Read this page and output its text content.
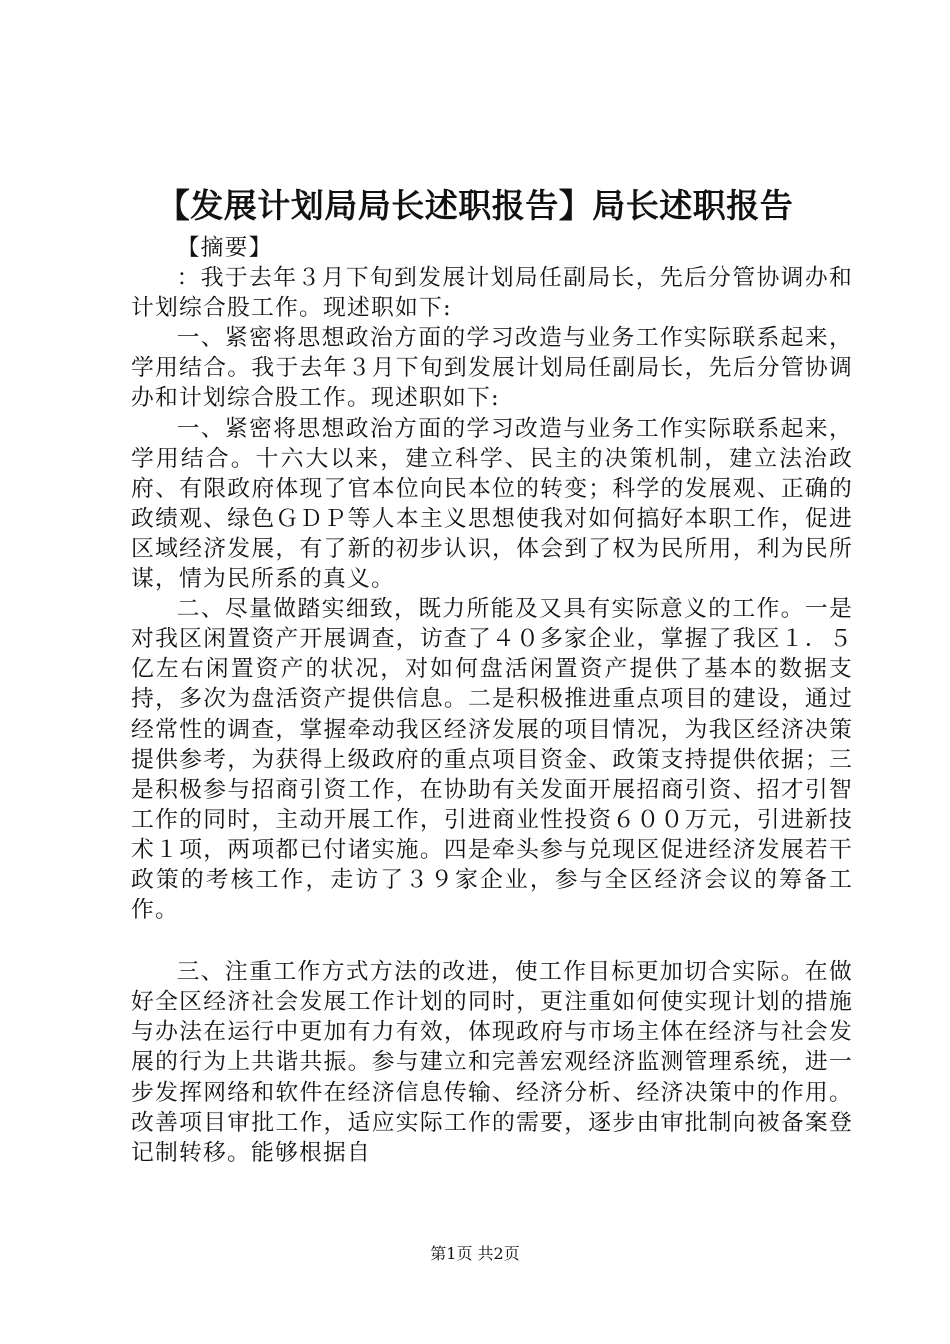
【发展计划局局长述职报告】局长述职报告

【摘要】

：我于去年３月下旬到发展计划局任副局长，先后分管协调办和计划综合股工作。现述职如下:

一、紧密将思想政治方面的学习改造与业务工作实际联系起来，学用结合。我于去年３月下旬到发展计划局任副局长，先后分管协调办和计划综合股工作。现述职如下:

一、紧密将思想政治方面的学习改造与业务工作实际联系起来，学用结合。十六大以来，建立科学、民主的决策机制，建立法治政府、有限政府体现了官本位向民本位的转变；科学的发展观、正确的政绩观、绿色ＧＤＰ等人本主义思想使我对如何搞好本职工作，促进区域经济发展，有了新的初步认识，体会到了权为民所用，利为民所谋，情为民所系的真义。

二、尽量做踏实细致，既力所能及又具有实际意义的工作。一是对我区闲置资产开展调查，访查了４０多家企业，掌握了我区１．５亿左右闲置资产的状况，对如何盘活闲置资产提供了基本的数据支持，多次为盘活资产提供信息。二是积极推进重点项目的建设，通过经常性的调查，掌握牵动我区经济发展的项目情况，为我区经济决策提供参考，为获得上级政府的重点项目资金、政策支持提供依据；三是积极参与招商引资工作，在协助有关发面开展招商引资、招才引智工作的同时，主动开展工作，引进商业性投资６００万元，引进新技术１项，两项都已付诸实施。四是牵头参与兑现区促进经济发展若干政策的考核工作，走访了３９家企业，参与全区经济会议的筹备工作。

三、注重工作方式方法的改进，使工作目标更加切合实际。在做好全区经济社会发展工作计划的同时，更注重如何使实现计划的措施与办法在运行中更加有力有效，体现政府与市场主体在经济与社会发展的行为上共谐共振。参与建立和完善宏观经济监测管理系统，进一步发挥网络和软件在经济信息传输、经济分析、经济决策中的作用。改善项目审批工作，适应实际工作的需要，逐步由审批制向被备案登记制转移。能够根据自

第1页 共2页
